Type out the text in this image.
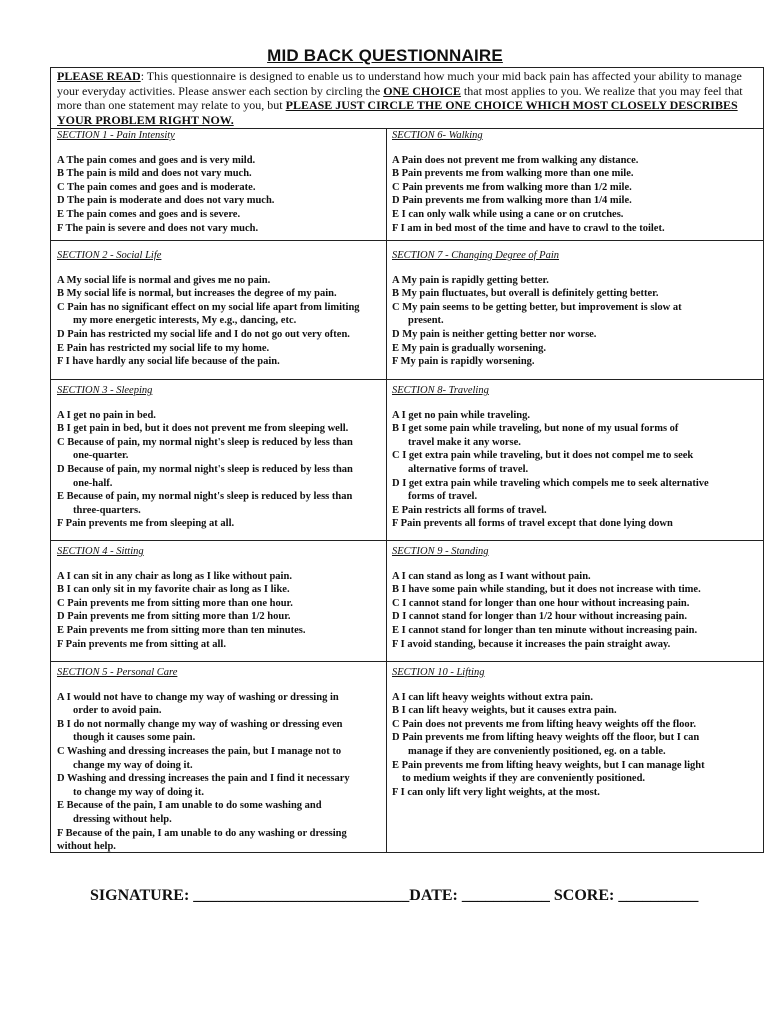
MID BACK QUESTIONNAIRE
PLEASE READ: This questionnaire is designed to enable us to understand how much your mid back pain has affected your ability to manage your everyday activities. Please answer each section by circling the ONE CHOICE that most applies to you. We realize that you may feel that more than one statement may relate to you, but PLEASE JUST CIRCLE THE ONE CHOICE WHICH MOST CLOSELY DESCRIBES YOUR PROBLEM RIGHT NOW.
SECTION 1 - Pain Intensity
A The pain comes and goes and is very mild.
B The pain is mild and does not vary much.
C The pain comes and goes and is moderate.
D The pain is moderate and does not vary much.
E The pain comes and goes and is severe.
F The pain is severe and does not vary much.
SECTION 6- Walking
A Pain does not prevent me from walking any distance.
B Pain prevents me from walking more than one mile.
C Pain prevents me from walking more than 1/2 mile.
D Pain prevents me from walking more than 1/4 mile.
E I can only walk while using a cane or on crutches.
F I am in bed most of the time and have to crawl to the toilet.
SECTION 2 - Social Life
A My social life is normal and gives me no pain.
B My social life is normal, but increases the degree of my pain.
C Pain has no significant effect on my social life apart from limiting
my more energetic interests, My e.g., dancing, etc.
D Pain has restricted my social life and I do not go out very often.
E Pain has restricted my social life to my home.
F I have hardly any social life because of the pain.
SECTION 7 - Changing Degree of Pain
A My pain is rapidly getting better.
B My pain fluctuates, but overall is definitely getting better.
C My pain seems to be getting better, but improvement is slow at
present.
D My pain is neither getting better nor worse.
E My pain is gradually worsening.
F My pain is rapidly worsening.
SECTION 3 - Sleeping
A I get no pain in bed.
B I get pain in bed, but it does not prevent me from sleeping well.
C Because of pain, my normal night's sleep is reduced by less than
one-quarter.
D Because of pain, my normal night's sleep is reduced by less than
one-half.
E Because of pain, my normal night's sleep is reduced by less than
three-quarters.
F Pain prevents me from sleeping at all.
SECTION 8- Traveling
A I get no pain while traveling.
B I get some pain while traveling, but none of my usual forms of
travel make it any worse.
C I get extra pain while traveling, but it does not compel me to seek
alternative forms of travel.
D I get extra pain while traveling which compels me to seek alternative
forms of travel.
E Pain restricts all forms of travel.
F Pain prevents all forms of travel except that done lying down
SECTION 4 - Sitting
A I can sit in any chair as long as I like without pain.
B I can only sit in my favorite chair as long as I like.
C Pain prevents me from sitting more than one hour.
D Pain prevents me from sitting more than 1/2 hour.
E Pain prevents me from sitting more than ten minutes.
F Pain prevents me from sitting at all.
SECTION 9 - Standing
A I can stand as long as I want without pain.
B I have some pain while standing, but it does not increase with time.
C I cannot stand for longer than one hour without increasing pain.
D I cannot stand for longer than 1/2 hour without increasing pain.
E I cannot stand for longer than ten minute without increasing pain.
F I avoid standing, because it increases the pain straight away.
SECTION 5 - Personal Care
A I would not have to change my way of washing or dressing in
order to avoid pain.
B I do not normally change my way of washing or dressing even
though it causes some pain.
C Washing and dressing increases the pain, but I manage not to
change my way of doing it.
D Washing and dressing increases the pain and I find it necessary
to change my way of doing it.
E Because of the pain, I am unable to do some washing and
dressing without help.
F Because of the pain, I am unable to do any washing or dressing
without help.
SECTION 10 - Lifting
A I can lift heavy weights without extra pain.
B I can lift heavy weights, but it causes extra pain.
C Pain does not prevents me from lifting heavy weights off the floor.
D Pain prevents me from lifting heavy weights off the floor, but I can
manage if they are conveniently positioned, eg. on a table.
E Pain prevents me from lifting heavy weights, but I can manage light
to medium weights if they are conveniently positioned.
F I can only lift very light weights, at the most.
SIGNATURE: ___________________________DATE: ___________ SCORE: __________
